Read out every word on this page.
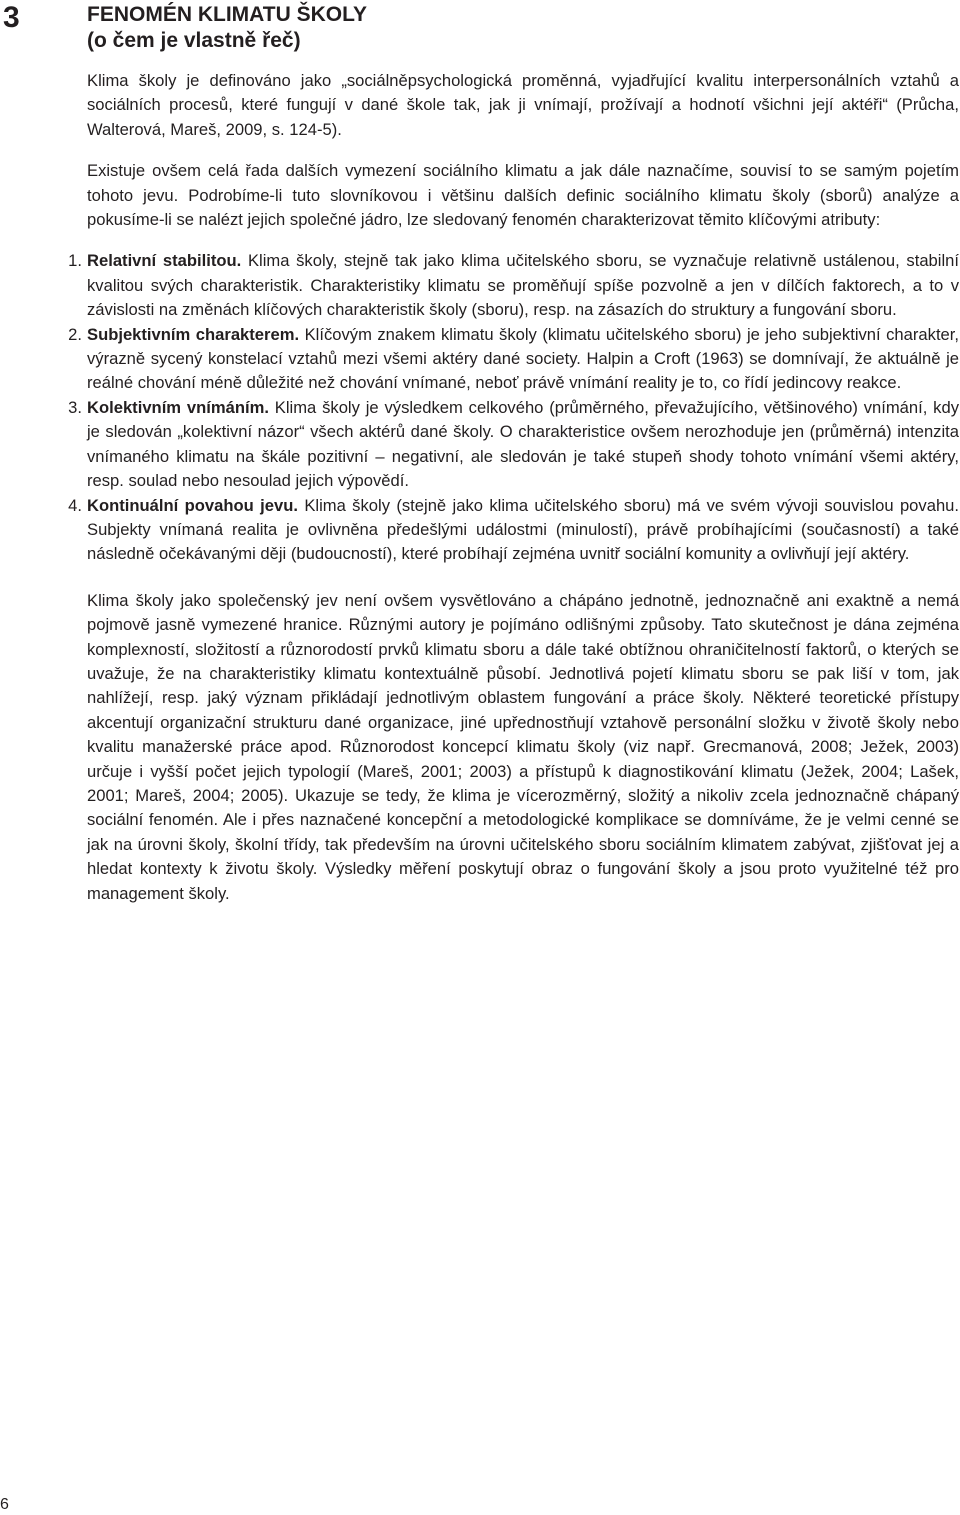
3	FENOMÉN KLIMATU ŠKOLY
(o čem je vlastně řeč)

Klima školy je definováno jako „sociálněpsychologická proměnná, vyjadřující kvalitu interpersonálních vztahů a sociálních procesů, které fungují v dané škole tak, jak ji vnímají, prožívají a hodnotí všichni její aktéři“ (Průcha, Walterová, Mareš, 2009, s. 124-5).

Existuje ovšem celá řada dalších vymezení sociálního klimatu a jak dále naznačíme, souvisí to se samým pojetím tohoto jevu. Podrobíme-li tuto slovníkovou i většinu dalších definic sociálního klimatu školy (sborů) analýze a pokusíme-li se nalézt jejich společné jádro, lze sledovaný fenomén charakterizovat těmito klíčovými atributy:

1. Relativní stabilitou. Klima školy, stejně tak jako klima učitelského sboru, se vyznačuje relativně ustálenou, stabilní kvalitou svých charakteristik. Charakteristiky klimatu se proměňují spíše pozvolně a jen v dílčích faktorech, a to v závislosti na změnách klíčových charakteristik školy (sboru), resp. na zásazích do struktury a fungování sboru.
2. Subjektivním charakterem. Klíčovým znakem klimatu školy (klimatu učitelského sboru) je jeho subjektivní charakter, výrazně sycený konstelací vztahů mezi všemi aktéry dané society. Halpin a Croft (1963) se domnívají, že aktuálně je reálné chování méně důležité než chování vnímané, neboť právě vnímání reality je to, co řídí jedincovy reakce.
3. Kolektivním vnímáním. Klima školy je výsledkem celkového (průměrného, převažujícího, většinového) vnímání, kdy je sledován „kolektivní názor“ všech aktérů dané školy. O charakteristice ovšem nerozhoduje jen (průměrná) intenzita vnímaného klimatu na škále pozitivní – negativní, ale sledován je také stupeň shody tohoto vnímání všemi aktéry, resp. soulad nebo nesoulad jejich výpovědí.
4. Kontinuální povahou jevu. Klima školy (stejně jako klima učitelského sboru) má ve svém vývoji souvislou povahu. Subjekty vnímaná realita je ovlivněna předešlými událostmi (minulostí), právě probíhajícími (současností) a také následně očekávanými ději (budoucností), které probíhají zejména uvnitř sociální komunity a ovlivňují její aktéry.

Klima školy jako společenský jev není ovšem vysvětlováno a chápáno jednotně, jednoznačně ani exaktně a nemá pojmově jasně vymezené hranice. Různými autory je pojímáno odlišnými způsoby. Tato skutečnost je dána zejména komplexností, složitostí a různorodostí prvků klimatu sboru a dále také obtížnou ohraničitelností faktorů, o kterých se uvažuje, že na charakteristiky klimatu kontextuálně působí. Jednotlivá pojetí klimatu sboru se pak liší v tom, jak nahlížejí, resp. jaký význam přikládají jednotlivým oblastem fungování a práce školy. Některé teoretické přístupy akcentují organizační strukturu dané organizace, jiné upřednostňují vztahově personální složku v životě školy nebo kvalitu manažerské práce apod. Různorodost koncepcí klimatu školy (viz např. Grecmanová, 2008; Ježek, 2003) určuje i vyšší počet jejich typologií (Mareš, 2001; 2003) a přístupů k diagnostikování klimatu (Ježek, 2004; Lašek, 2001; Mareš, 2004; 2005). Ukazuje se tedy, že klima je vícerozměrný, složitý a nikoliv zcela jednoznačně chápaný sociální fenomén. Ale i přes naznačené koncepční a metodologické komplikace se domníváme, že je velmi cenné se jak na úrovni školy, školní třídy, tak především na úrovni učitelského sboru sociálním klimatem zabývat, zjišťovat jej a hledat kontexty k životu školy. Výsledky měření poskytují obraz o fungování školy a jsou proto využitelné též pro management školy.

6
